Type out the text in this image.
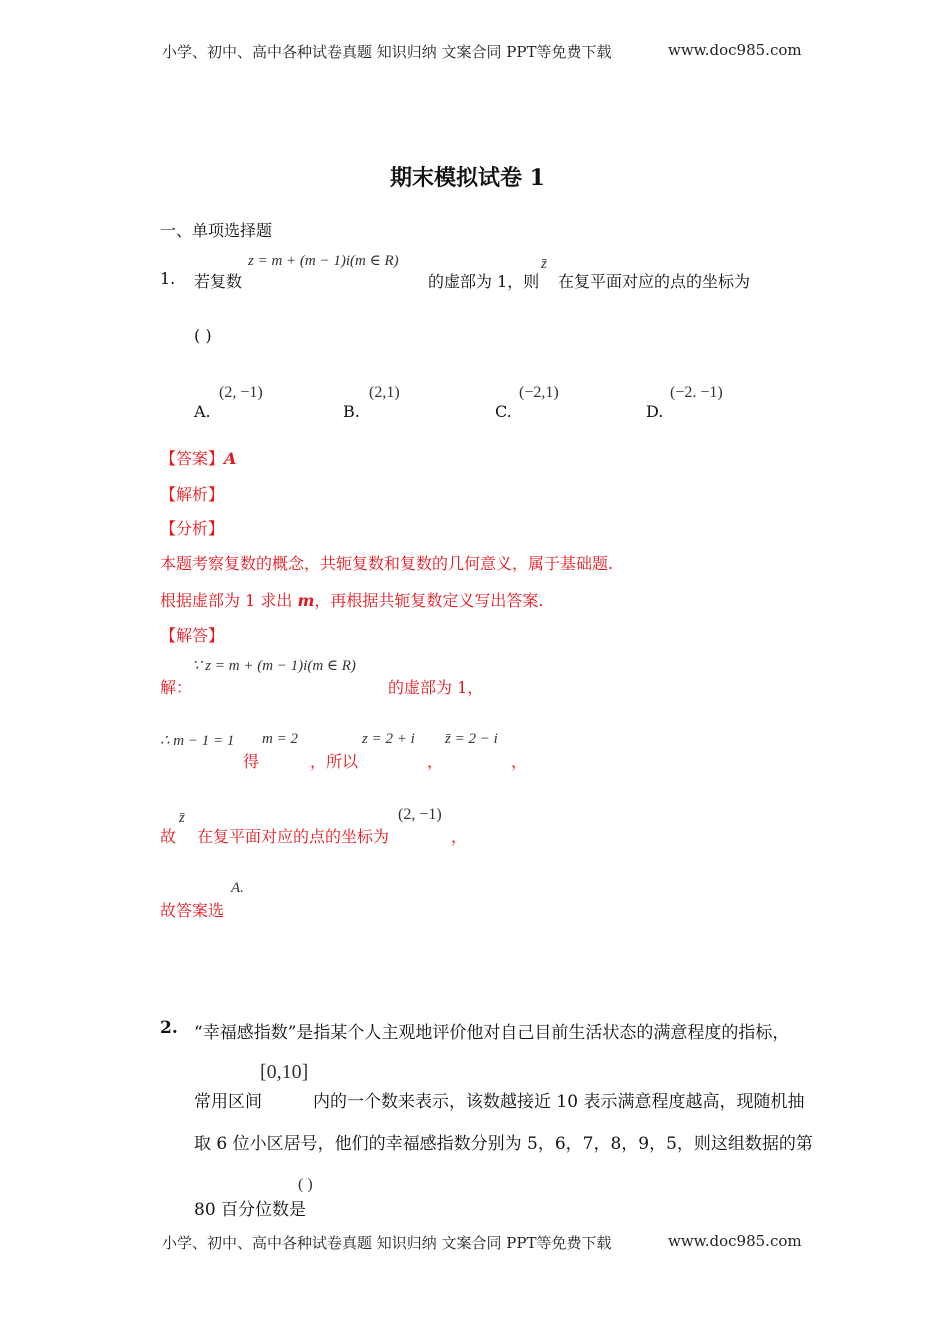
小学、初中、高中各种试卷真题 知识归纳 文案合同 PPT等免费下载	www.doc985.com
期末模拟试卷 1
一、单项选择题
1. 若复数
z = m + (m − 1)i(m ∈ R)
的虚部为 1，则
z̄
在复平面对应的点的坐标为
( )
A.
(2, −1)
B.
(2,1)
C.
(−2,1)
D.
(−2. −1)
【答案】A
【解析】
【分析】
本题考察复数的概念，共轭复数和复数的几何意义，属于基础题.
根据虚部为 1 求出 m，再根据共轭复数定义写出答案.
【解答】
解：
∵ z = m + (m − 1)i(m ∈ R)
的虚部为 1，
∴ m − 1 = 1
得
m = 2
，所以
z = 2 + i
，
z̄ = 2 − i
，
故
z̄
在复平面对应的点的坐标为
(2, −1)
，
故答案选
A.
2. “幸福感指数”是指某个人主观地评价他对自己目前生活状态的满意程度的指标，
常用区间
[0,10]
内的一个数来表示，该数越接近 10 表示满意程度越高，现随机抽
取 6 位小区居号，他们的幸福感指数分别为 5，6，7，8，9，5，则这组数据的第
80 百分位数是
( )
小学、初中、高中各种试卷真题 知识归纳 文案合同 PPT等免费下载	www.doc985.com
